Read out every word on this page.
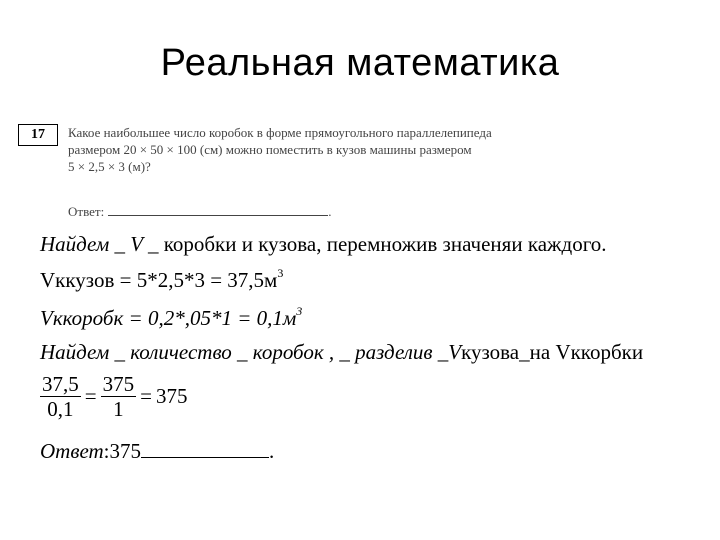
Реальная математика
17	Какое наибольшее число коробок в форме прямоугольного параллелепипеда
размером 20 × 50 × 100 (см) можно поместить в кузов машины размером
5 × 2,5 × 3 (м)?
Ответ:	.
Найдем _ V _ коробки и кузова, перемножив значеняи каждого.
Vккузов = $5*2,5*3 = 37,5м^3$
Vккоробк = $0,2*,05*1 = 0,1м^3$
Найдем _ количество _ коробок , _ разделив _Vкузова_на Vккорбки
$\frac{37,5}{0,1} = \frac{375}{1} = 375$
Ответ:375	.
